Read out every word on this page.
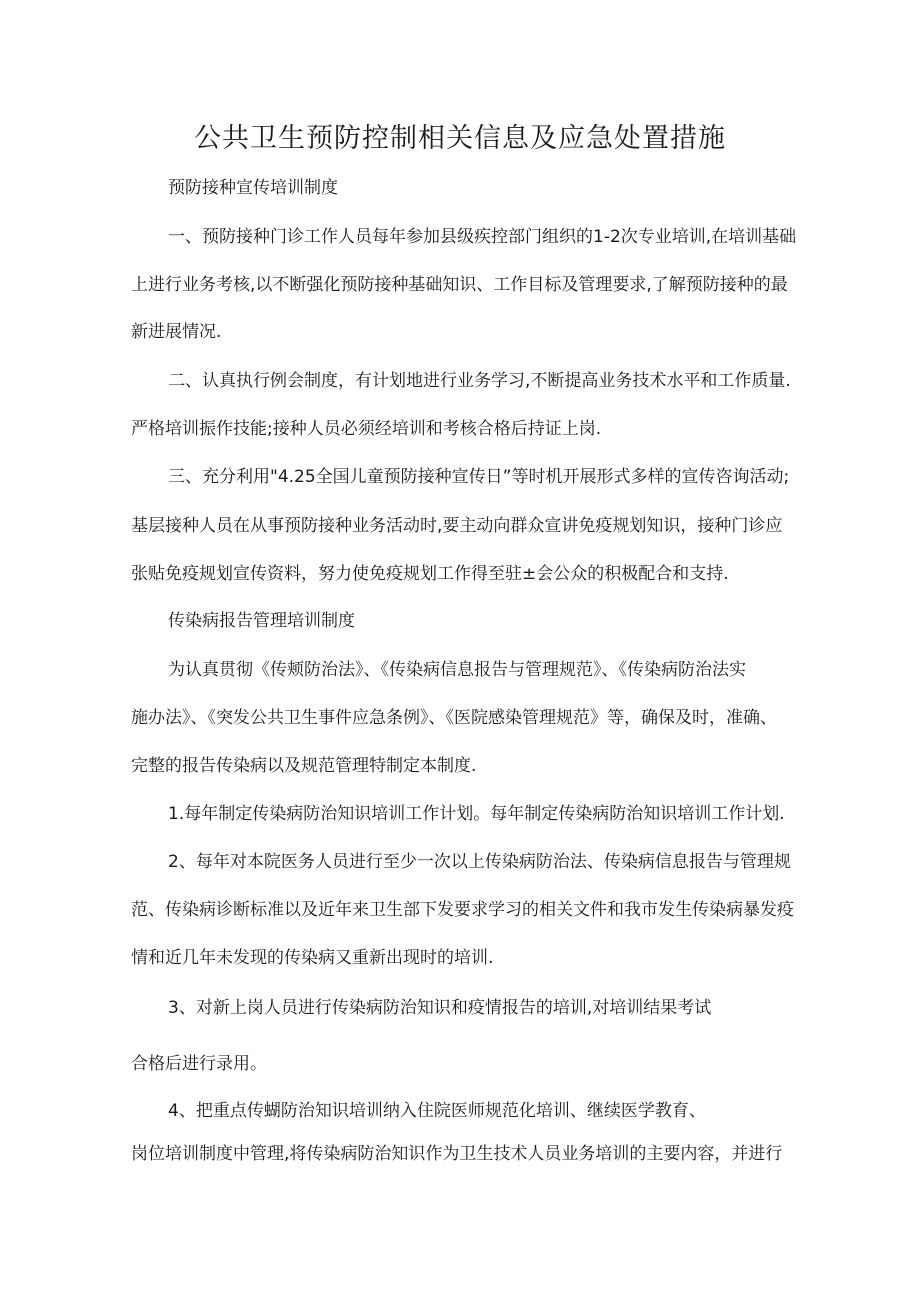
公共卫生预防控制相关信息及应急处置措施

预防接种宣传培训制度

一、预防接种门诊工作人员每年参加县级疾控部门组织的1-2次专业培训,在培训基础

上进行业务考核,以不断强化预防接种基础知识、工作目标及管理要求,了解预防接种的最

新进展情况.

二、认真执行例会制度，有计划地进行业务学习,不断提高业务技术水平和工作质量.

严格培训振作技能;接种人员必须经培训和考核合格后持证上岗.

三、充分利用"4.25全国儿童预防接种宣传日”等时机开展形式多样的宣传咨询活动;

基层接种人员在从事预防接种业务活动时,要主动向群众宣讲免疫规划知识，接种门诊应

张贴免疫规划宣传资料，努力使免疫规划工作得至驻±会公众的积极配合和支持.

传染病报告管理培训制度

为认真贯彻《传颊防治法》、《传染病信息报告与管理规范》、《传染病防治法实

施办法》、《突发公共卫生事件应急条例》、《医院感染管理规范》等，确保及时，准确、

完整的报告传染病以及规范管理特制定本制度.

1.每年制定传染病防治知识培训工作计划。每年制定传染病防治知识培训工作计划.

2、每年对本院医务人员进行至少一次以上传染病防治法、传染病信息报告与管理规

范、传染病诊断标准以及近年来卫生部下发要求学习的相关文件和我市发生传染病暴发疫

情和近几年未发现的传染病又重新出现时的培训.

3、对新上岗人员进行传染病防治知识和疫情报告的培训,对培训结果考试

合格后进行录用。

4、把重点传蝴防治知识培训纳入住院医师规范化培训、继续医学教育、

岗位培训制度中管理,将传染病防治知识作为卫生技术人员业务培训的主要内容，并进行
